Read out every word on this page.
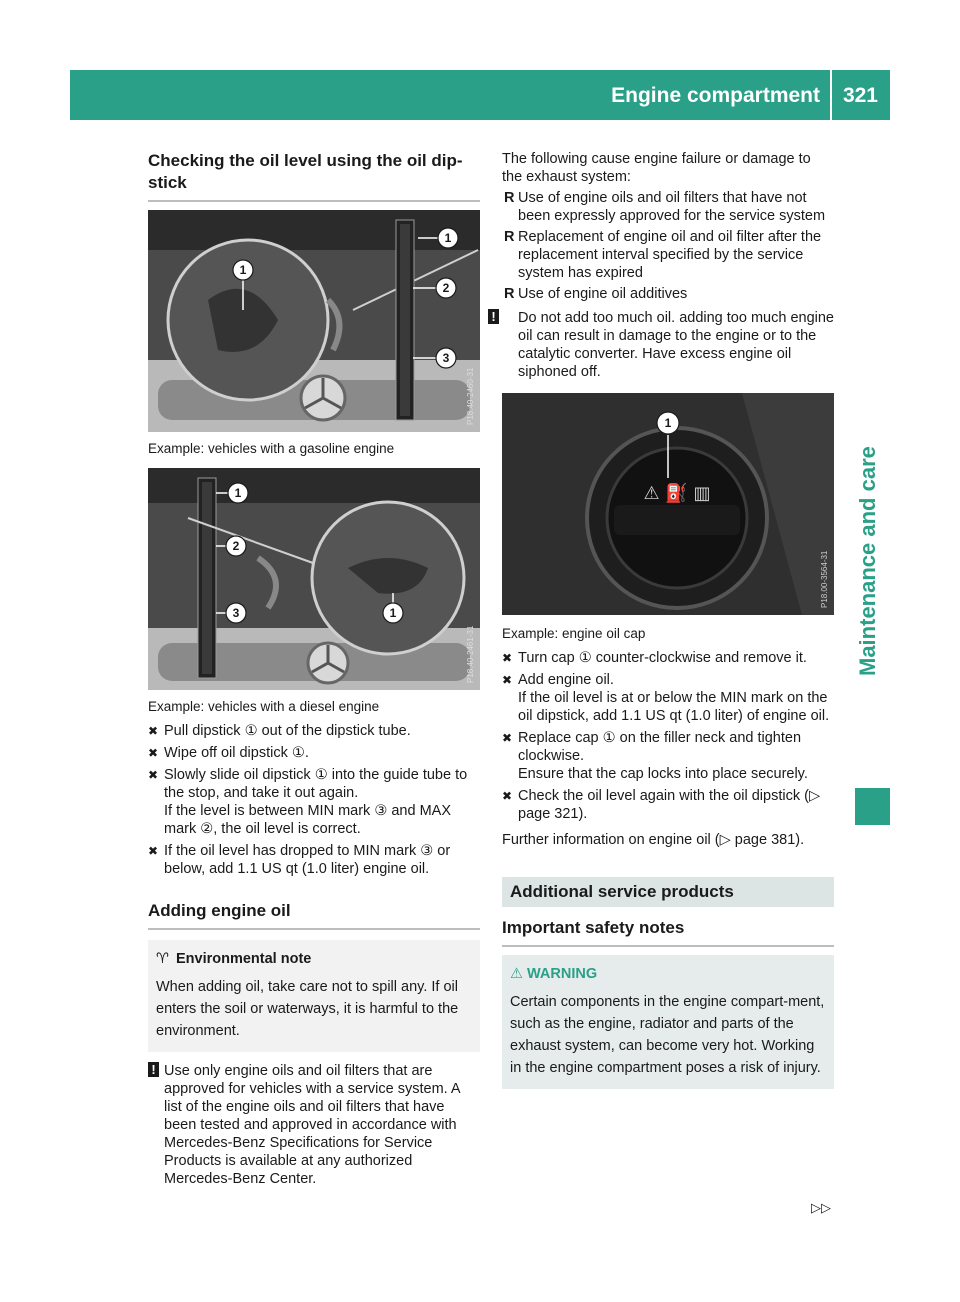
Engine compartment 321
Maintenance and care
Checking the oil level using the oil dip-stick
1
1
2
3
P18.40-2460-31
Example: vehicles with a gasoline engine
1
2
3	1
P18.40-2461-31
Example: vehicles with a diesel engine
✖ Pull dipstick ① out of the dipstick tube.
✖ Wipe off oil dipstick ①.
✖ Slowly slide oil dipstick ① into the guide tube to the stop, and take it out again.
If the level is between MIN mark ③ and MAX mark ②, the oil level is correct.
✖ If the oil level has dropped to MIN mark ③ or below, add 1.1 US qt (1.0 liter) engine oil.
Adding engine oil
♈ Environmental note

When adding oil, take care not to spill any. If oil enters the soil or waterways, it is harmful to the environment.

! Use only engine oils and oil filters that are approved for vehicles with a service system. A list of the engine oils and oil filters that have been tested and approved in accordance with Mercedes-Benz Specifications for Service Products is available at any authorized Mercedes-Benz Center.
The following cause engine failure or damage to the exhaust system:
R Use of engine oils and oil filters that have not been expressly approved for the service system
R Replacement of engine oil and oil filter after the replacement interval specified by the service system has expired
R Use of engine oil additives
! Do not add too much oil. adding too much engine oil can result in damage to the engine or to the catalytic converter. Have excess engine oil siphoned off.
⚠ ⛽ ▥
1
P18.00-3564-31
Example: engine oil cap
✖ Turn cap ① counter-clockwise and remove it.
✖ Add engine oil.
If the oil level is at or below the MIN mark on the oil dipstick, add 1.1 US qt (1.0 liter) of engine oil.
✖ Replace cap ① on the filler neck and tighten clockwise.
Ensure that the cap locks into place securely.
✖ Check the oil level again with the oil dipstick (▷ page 321).
Further information on engine oil (▷ page 381).
Additional service products
Important safety notes
⚠ WARNING

Certain components in the engine compart-ment, such as the engine, radiator and parts of the exhaust system, can become very hot. Working in the engine compartment poses a risk of injury.

▷▷
